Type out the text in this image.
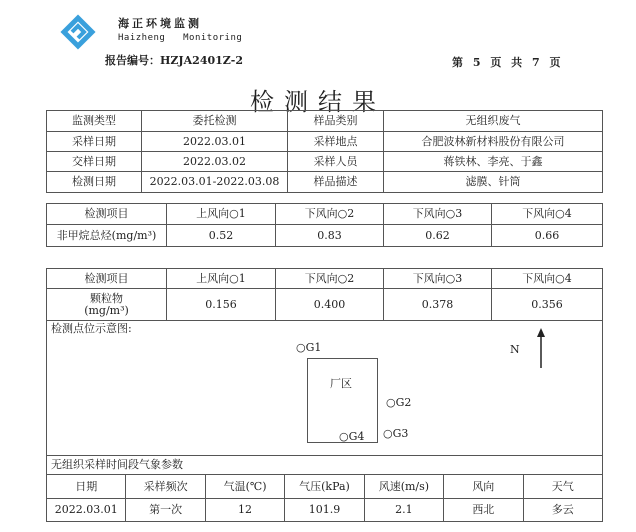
海正环境监测
Haizheng   Monitoring
报告编号：HZJA2401Z-2	第 5 页 共 7 页
检测结果
监测类型	委托检测	样品类别	无组织废气
采样日期	2022.03.01	采样地点	合肥波林新材料股份有限公司
交样日期	2022.03.02	采样人员	蒋铁林、李亮、于鑫
检测日期	2022.03.01-2022.03.08	样品描述	滤膜、针筒
检测项目	上风向○1	下风向○2	下风向○3	下风向○4
非甲烷总烃(mg/m³)	0.52	0.83	0.62	0.66
检测项目	上风向○1	下风向○2	下风向○3	下风向○4

颗粒物
(mg/m³)	0.156	0.400	0.378	0.356
检测点位示意图:
○G1
厂区
○G2
○G3
○G4
N
无组织采样时间段气象参数						
日期	采样频次	气温(℃)	气压(kPa)	风速(m/s)	风向	天气
2022.03.01	第一次	12	101.9	2.1	西北	多云
